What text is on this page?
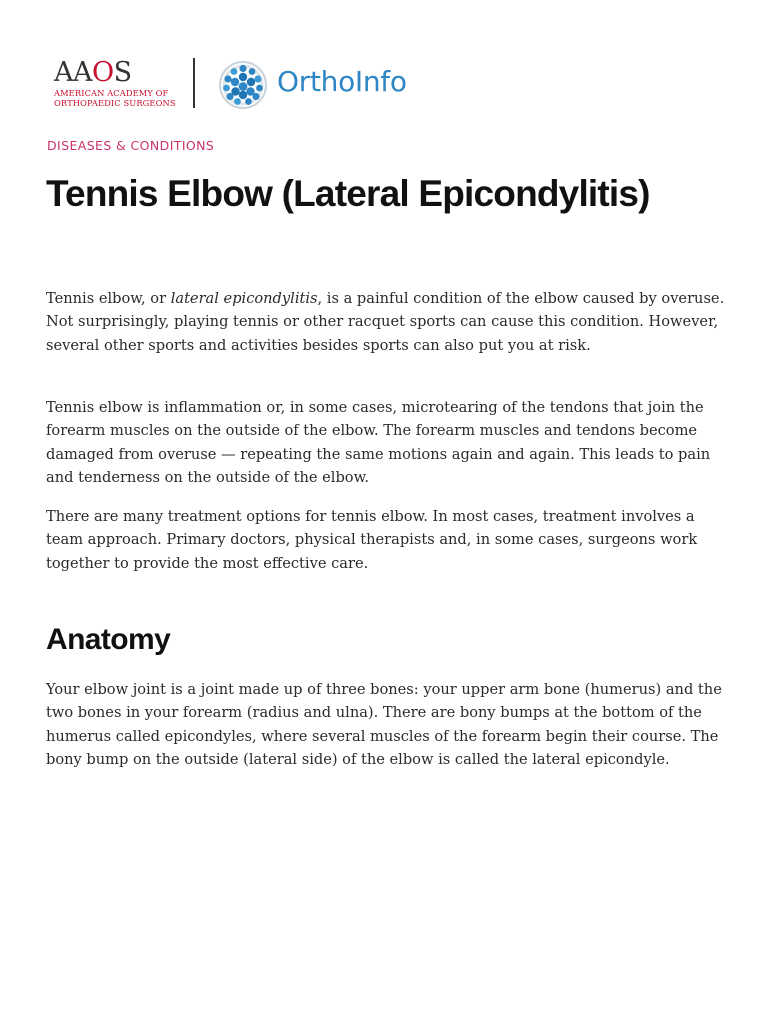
AAOS
AMERICAN ACADEMY OF
ORTHOPAEDIC SURGEONS
OrthoInfo
DISEASES & CONDITIONS
Tennis Elbow (Lateral Epicondylitis)

Tennis elbow, or lateral epicondylitis, is a painful condition of the elbow caused by overuse. Not surprisingly, playing tennis or other racquet sports can cause this condition. However, several other sports and activities besides sports can also put you at risk.

Tennis elbow is inflammation or, in some cases, microtearing of the tendons that join the forearm muscles on the outside of the elbow. The forearm muscles and tendons become damaged from overuse — repeating the same motions again and again. This leads to pain and tenderness on the outside of the elbow.

There are many treatment options for tennis elbow. In most cases, treatment involves a team approach. Primary doctors, physical therapists and, in some cases, surgeons work together to provide the most effective care.

Anatomy

Your elbow joint is a joint made up of three bones: your upper arm bone (humerus) and the two bones in your forearm (radius and ulna). There are bony bumps at the bottom of the humerus called epicondyles, where several muscles of the forearm begin their course. The bony bump on the outside (lateral side) of the elbow is called the lateral epicondyle.
